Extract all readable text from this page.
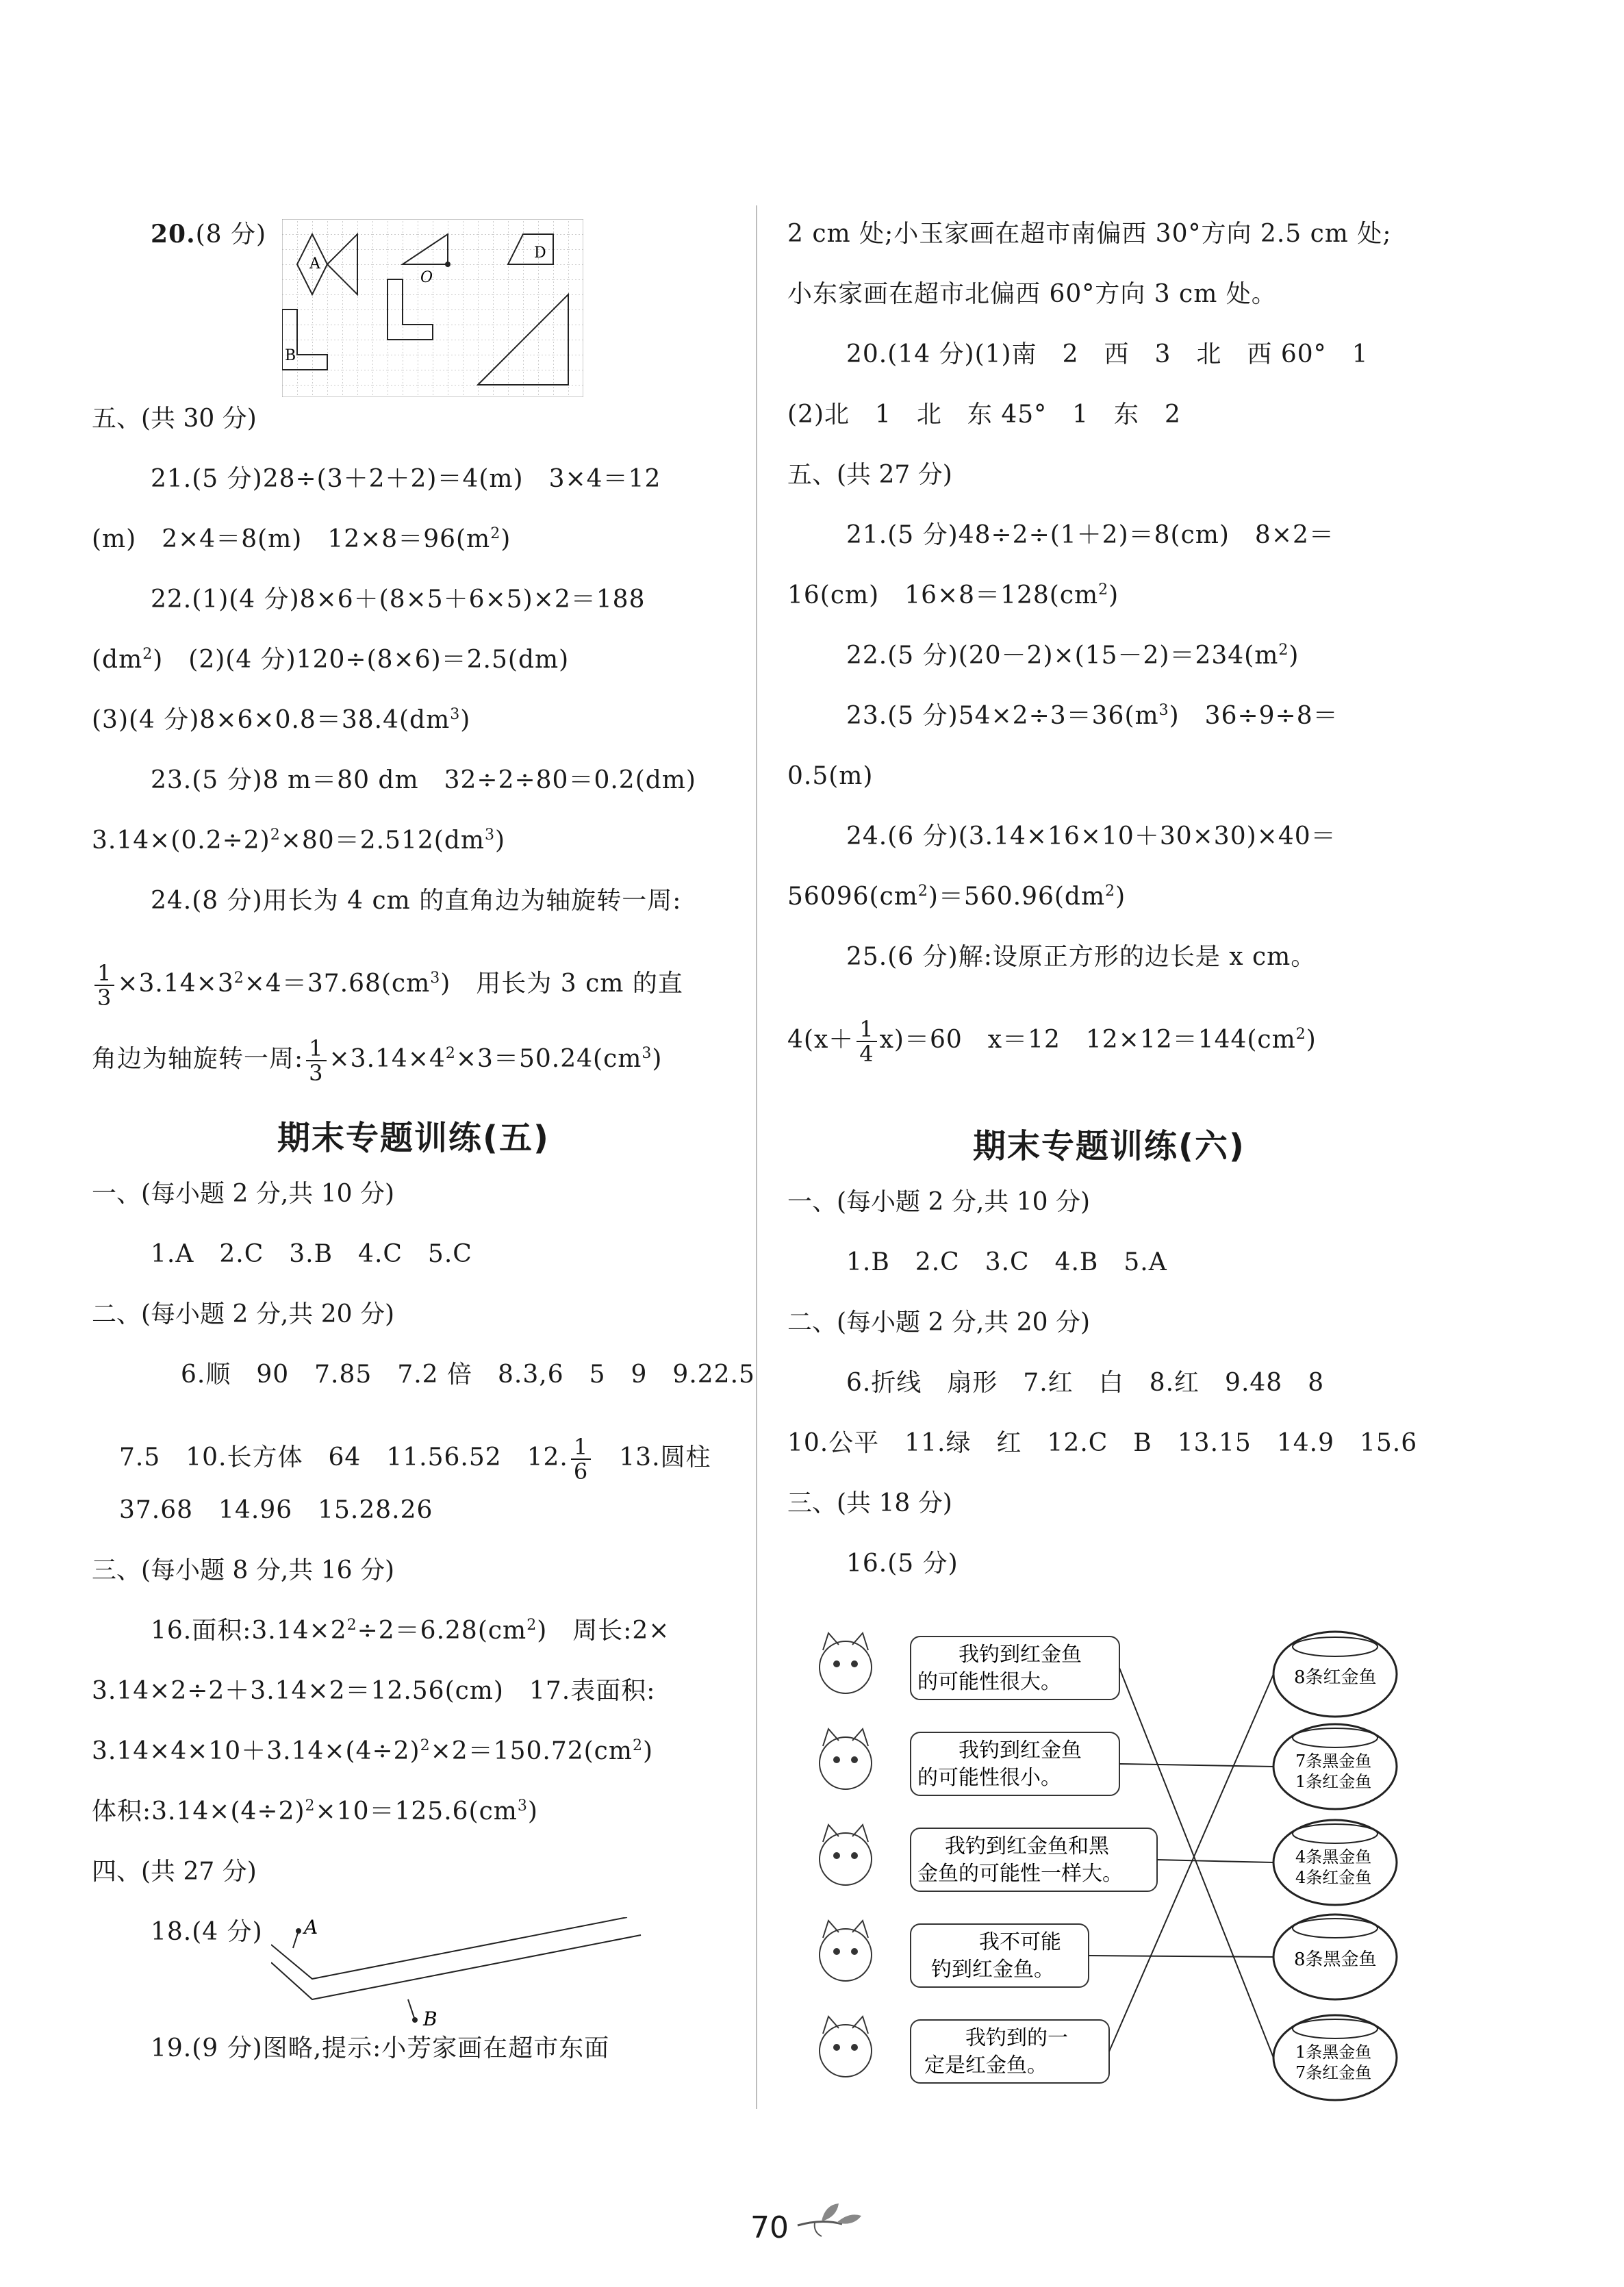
20.(8 分)
A
O
D
B
五、(共 30 分)
21.(5 分)28÷(3＋2＋2)＝4(m)　3×4＝12
(m)　2×4＝8(m)　$12\times 8=96(m^2)$
22.(1)(4 分)8×6＋(8×5＋6×5)×2＝188
$(dm^2)$　(2)(4 分)120÷(8×6)＝2.5(dm)
(3)(4 分)$8\times 6\times 0.8=38.4(dm^3)$
23.(5 分)8 m＝80 dm　32÷2÷80＝0.2(dm)
$3.14\times(0.2\div 2)^2\times 80=2.512(dm^3)$
24.(8 分)用长为 4 cm 的直角边为轴旋转一周:
$\frac{1}{3} \times 3.14\times 3^2\times 4=37.68(cm^3)$　用长为 3 cm 的直
角边为轴旋转一周: $\frac{1}{3} \times 3.14\times 4^2\times 3=50.24(cm^3)$
期末专题训练(五)
一、(每小题 2 分,共 10 分)
1.A　2.C　3.B　4.C　5.C
二、(每小题 2 分,共 20 分)
6.顺　90　7.85　7.2 倍　8.3,6　5　9　9.22.5
7.5　10.长方体　64　11.56.52　12. $\frac{1}{6}$
　 13.圆柱
37.68　14.96　15.28.26
三、(每小题 8 分,共 16 分)
16.面积$:3.14\times 2^2\div 2=6.28(cm^2)$　周长:2×
3.14×2÷2＋3.14×2＝12.56(cm)　17.表面积:
$3.14\times 4\times 10+3.14\times(4\div 2)^2\times 2=150.72(cm^2)$
体积$:3.14\times(4\div 2)^2\times 10=125.6(cm^3)$
四、(共 27 分)
18.(4 分) A
B
19.(9 分)图略,提示:小芳家画在超市东面
2 cm 处;小玉家画在超市南偏西 30°方向 2.5 cm 处;
小东家画在超市北偏西 60°方向 3 cm 处。
20.(14 分)(1)南　2　西　3　北　西 60°　1
(2)北　1　北　东 45°　1　东　2
五、(共 27 分)
21.(5 分)48÷2÷(1＋2)＝8(cm)　8×2＝
16(cm)　$16\times 8=128(cm^2)$
22.(5 分)$(20-2)\times(15-2)=234(m^2)$
23.(5 分)$54\times 2\div 3=36(m^3)$　36÷9÷8＝
0.5(m)
24.(6 分)(3.14×16×10＋30×30)×40＝
$56096(cm^2)=560.96(dm^2)$
25.(6 分)解:设原正方形的边长是 x cm。
$4(x+ \frac{1}{4} x)=60$　x＝12　$12\times 12=144(cm^2)$
期末专题训练(六)
一、(每小题 2 分,共 10 分)
1.B　2.C　3.C　4.B　5.A
二、(每小题 2 分,共 20 分)
6.折线　扇形　7.红　白　8.红　9.48　8
10.公平　11.绿　红　12.C　B　13.15　14.9　15.6
三、(共 18 分)
16.(5 分)
我钓到红金鱼
的可能性很大。
我钓到红金鱼
的可能性很小。
我钓到红金鱼和黑
金鱼的可能性一样大。
我不可能
钓到红金鱼。
我钓到的一
定是红金鱼。
8条红金鱼
7条黑金鱼
1条红金鱼
4条黑金鱼
4条红金鱼
8条黑金鱼
1条黑金鱼
7条红金鱼
70
